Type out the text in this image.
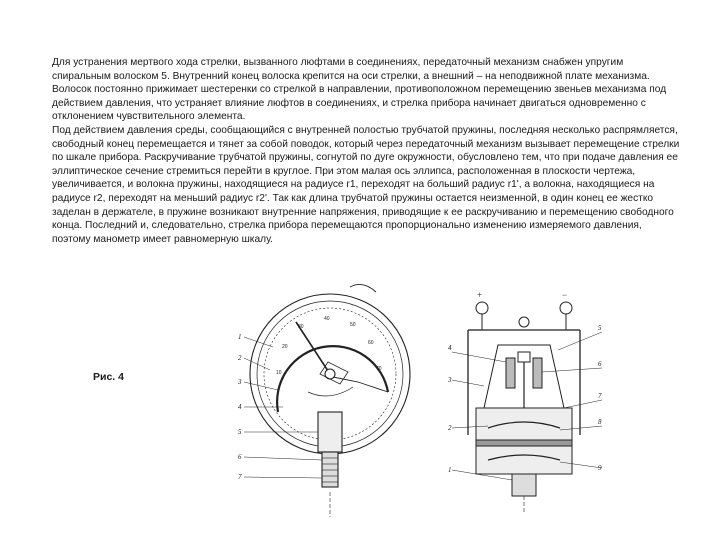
Для устранения мертвого хода стрелки, вызванного люфтами в соединениях, передаточный механизм снабжен упругим спиральным волоском 5. Внутренний конец волоска крепится на оси стрелки, а внешний – на неподвижной плате механизма. Волосок постоянно прижимает шестеренки со стрелкой в направлении, противоположном перемещению звеньев механизма под действием давления, что устраняет влияние люфтов в соединениях, и стрелка прибора начинает двигаться одновременно с отклонением чувствительного элемента.

Под действием давления среды, сообщающийся с внутренней полостью трубчатой пружины, последняя несколько распрямляется, свободный конец перемещается и тянет за собой поводок, который через передаточный механизм вызывает перемещение стрелки по шкале прибора. Раскручивание трубчатой пружины, согнутой по дуге окружности, обусловлено тем, что при подаче давления ее эллиптическое сечение стремиться перейти в круглое. При этом малая ось эллипса, расположенная в плоскости чертежа, увеличивается, и волокна пружины, находящиеся на радиусе r1, переходят на больший радиус r1', а волокна, находящиеся на радиусе r2, переходят на меньший радиус r2'. Так как длина трубчатой пружины остается неизменной, в один конец ее жестко заделан в держателе, в пружине возникают внутренние напряжения, приводящие к ее раскручиванию и перемещению свободного конца. Последний и, следовательно, стрелка прибора перемещаются пропорционально изменению измеряемого давления, поэтому манометр имеет равномерную шкалу.

Рис. 4	10
20
30
40
50
60
70
1
2
3
4
5
6
7
+	−
4
3
2
1
5
6
7
8
9
